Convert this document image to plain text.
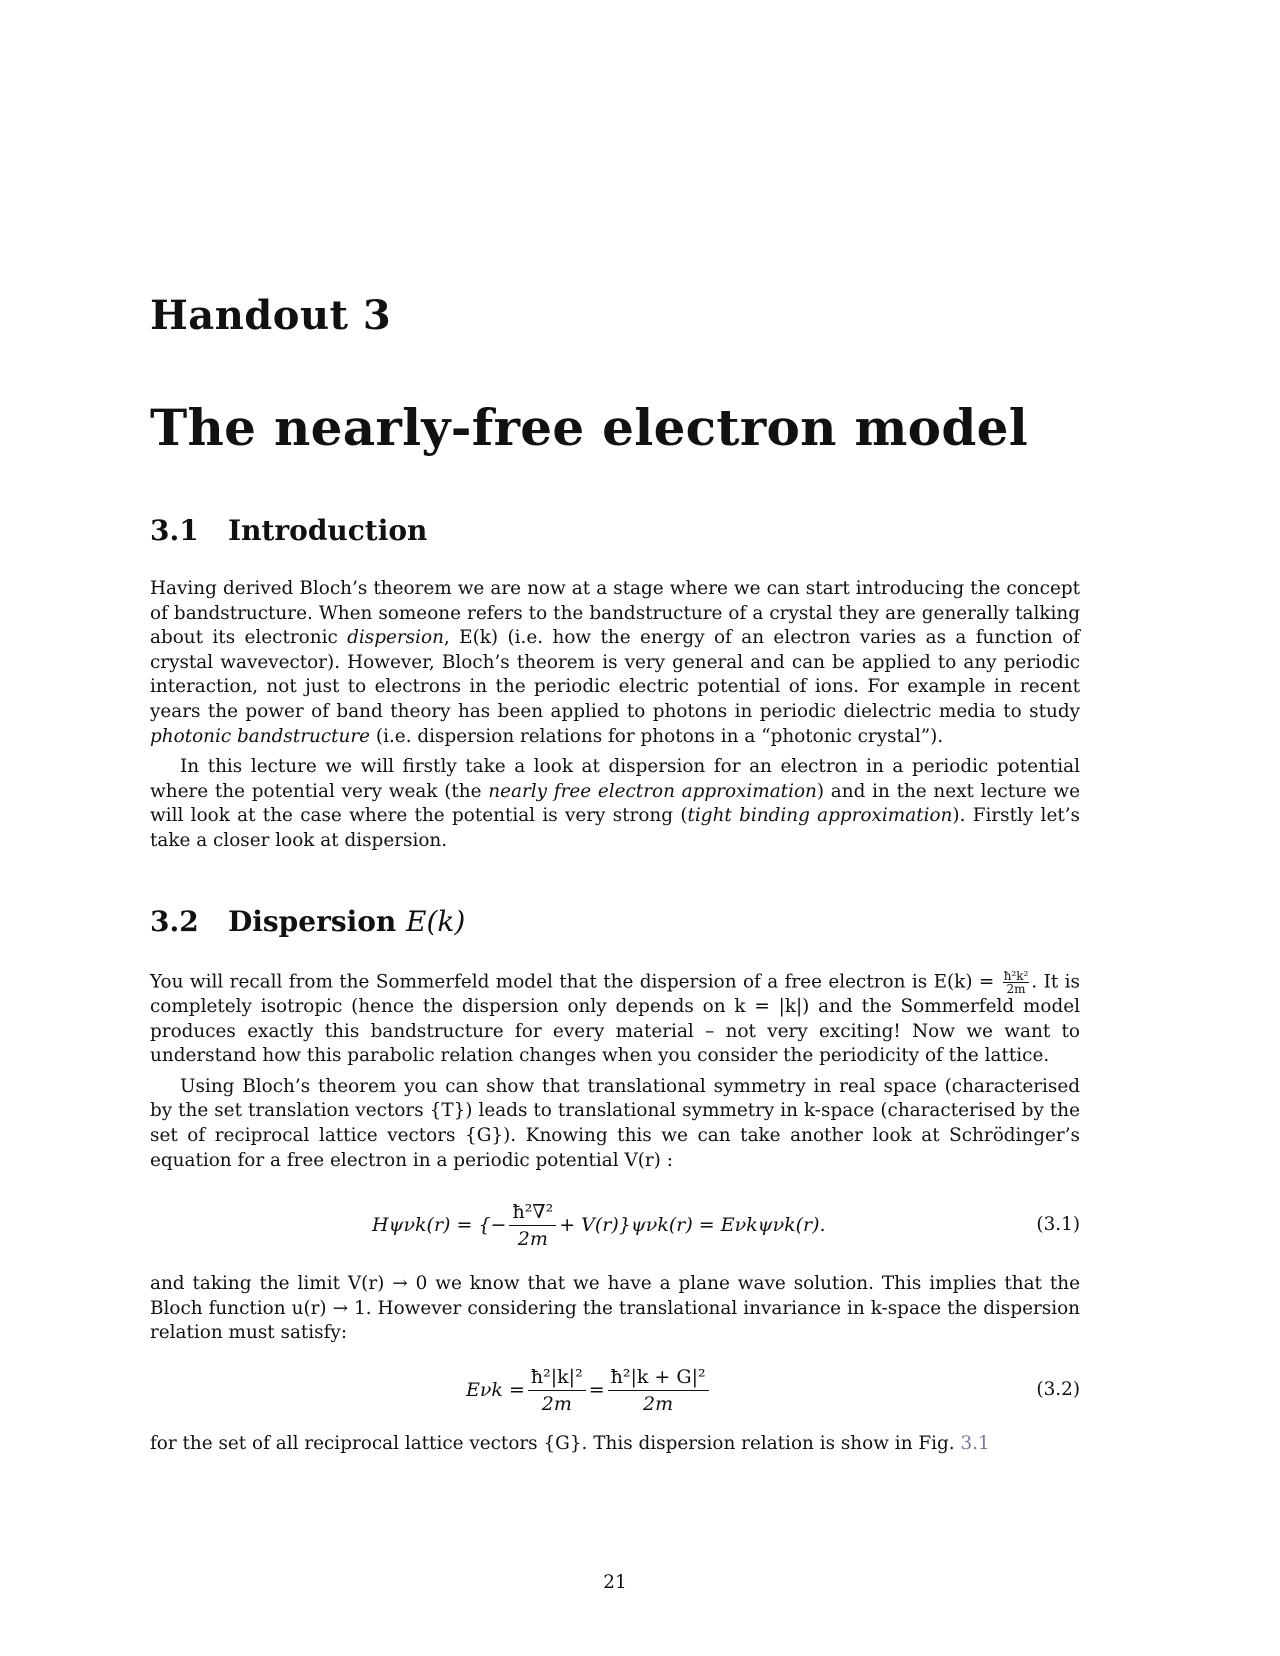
Handout 3
The nearly-free electron model
3.1 Introduction

Having derived Bloch’s theorem we are now at a stage where we can start introducing the concept of bandstructure. When someone refers to the bandstructure of a crystal they are generally talking about its electronic dispersion, E(k) (i.e. how the energy of an electron varies as a function of crystal wavevector). However, Bloch’s theorem is very general and can be applied to any periodic interaction, not just to electrons in the periodic electric potential of ions. For example in recent years the power of band theory has been applied to photons in periodic dielectric media to study photonic bandstructure (i.e. dispersion relations for photons in a “photonic crystal”).

In this lecture we will firstly take a look at dispersion for an electron in a periodic potential where the potential very weak (the nearly free electron approximation) and in the next lecture we will look at the case where the potential is very strong (tight binding approximation). Firstly let’s take a closer look at dispersion.

3.2 Dispersion E(k)

You will recall from the Sommerfeld model that the dispersion of a free electron is $E(k) = \frac{\text{ħ²k²}}{2m}$ . It is completely isotropic (hence the dispersion only depends on k = |k|) and the Sommerfeld model produces exactly this bandstructure for every material – not very exciting! Now we want to understand how this parabolic relation changes when you consider the periodicity of the lattice.

Using Bloch’s theorem you can show that translational symmetry in real space (characterised by the set translation vectors {T}) leads to translational symmetry in k-space (characterised by the set of reciprocal lattice vectors {G}). Knowing this we can take another look at Schrödinger’s equation for a free electron in a periodic potential V(r) :

Hψνk(r) = {− $\frac{\text{ħ²∇²}}{2m} + V(r)\}\psi\nu k(r) = E\nu k\psi\nu k(r)$.	(3.1)

and taking the limit V(r) → 0 we know that we have a plane wave solution. This implies that the Bloch function u(r) → 1. However considering the translational invariance in k-space the dispersion relation must satisfy:

$E\nu k = \frac{\text{ħ²|k|²}}{2m} = \frac{\text{ħ²|k + G|²}}{2m}$	(3.2)

for the set of all reciprocal lattice vectors {G}. This dispersion relation is show in Fig. 3.1

21
